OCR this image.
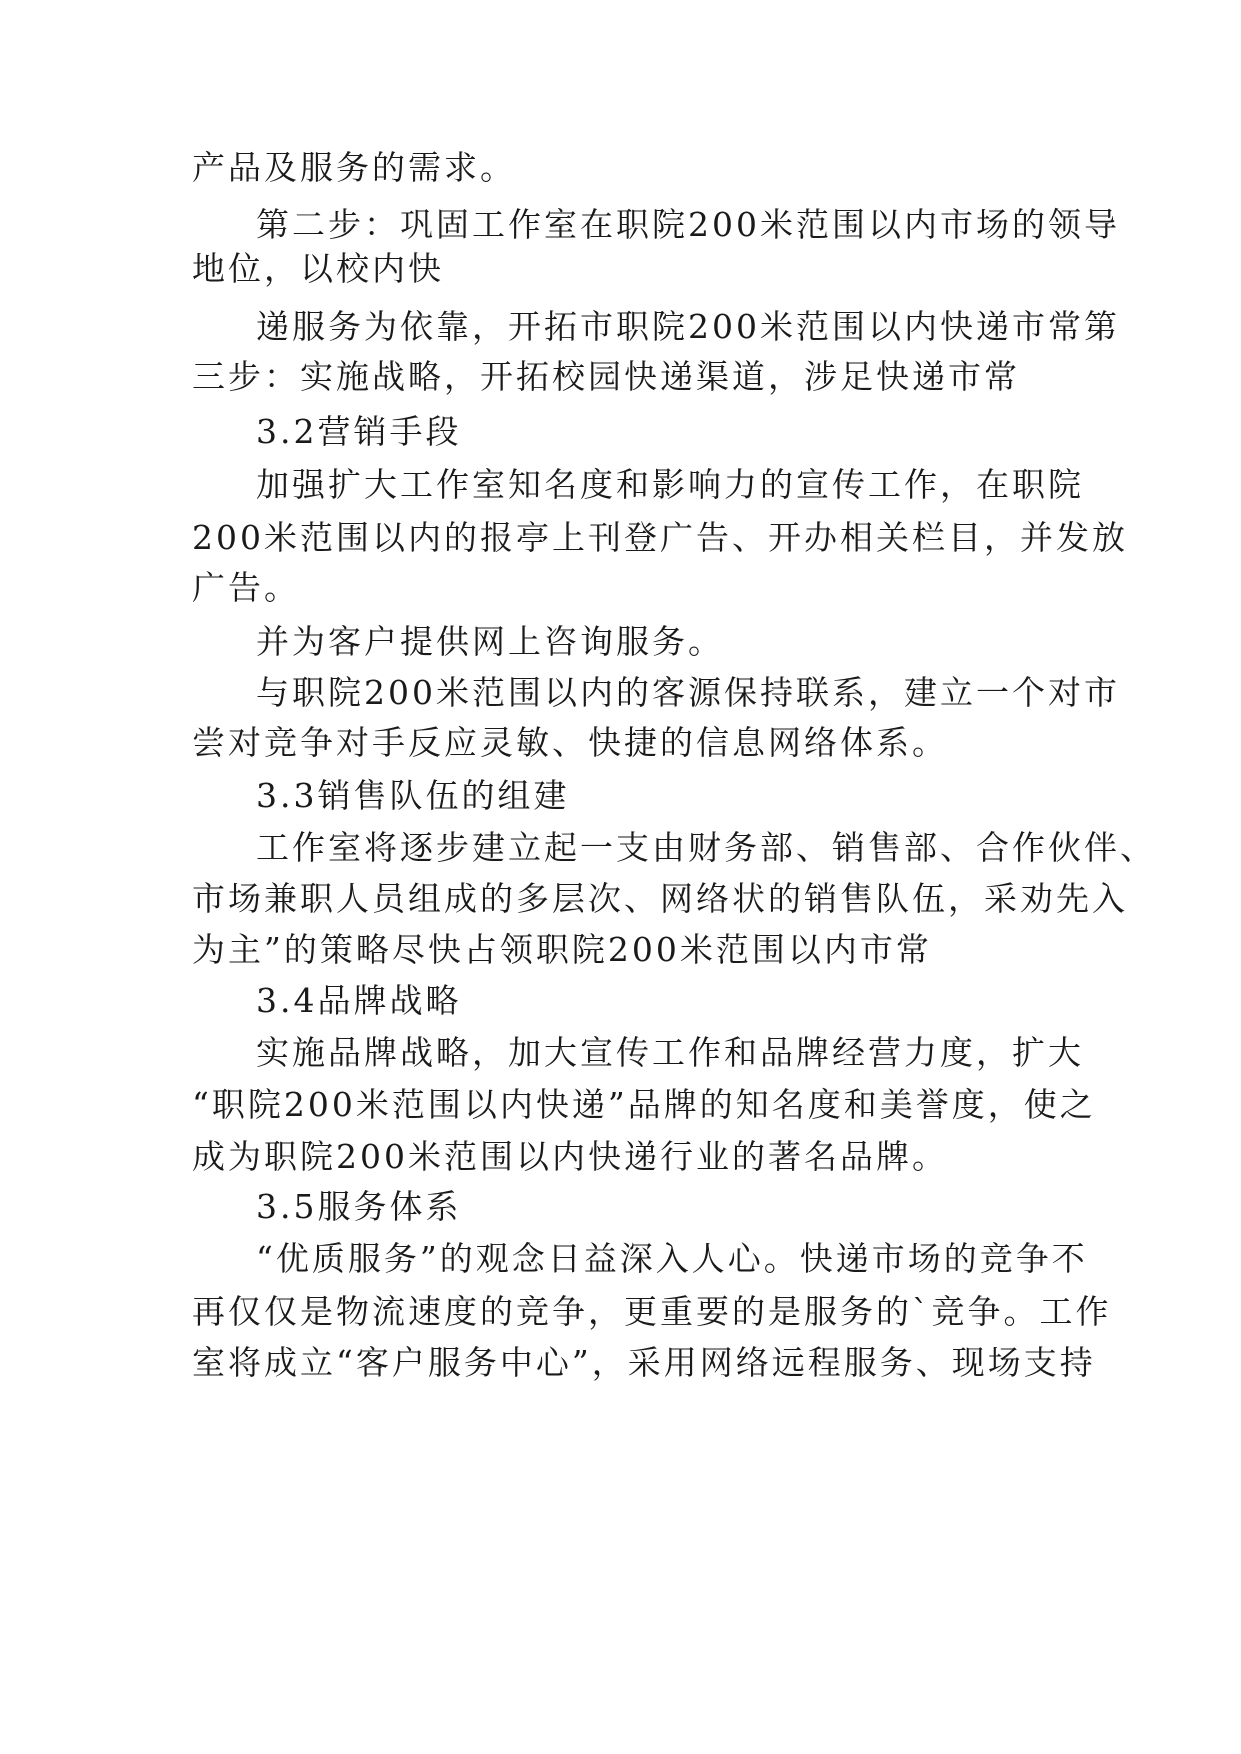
产品及服务的需求。
第二步：巩固工作室在职院200米范围以内市场的领导
地位，以校内快
递服务为依靠，开拓市职院200米范围以内快递市常第
三步：实施战略，开拓校园快递渠道，涉足快递市常
3.2营销手段
加强扩大工作室知名度和影响力的宣传工作，在职院
200米范围以内的报亭上刊登广告、开办相关栏目，并发放
广告。
并为客户提供网上咨询服务。
与职院200米范围以内的客源保持联系，建立一个对市
尝对竞争对手反应灵敏、快捷的信息网络体系。
3.3销售队伍的组建
工作室将逐步建立起一支由财务部、销售部、合作伙伴、
市场兼职人员组成的多层次、网络状的销售队伍，采劝先入
为主”的策略尽快占领职院200米范围以内市常
3.4品牌战略
实施品牌战略，加大宣传工作和品牌经营力度，扩大
“职院200米范围以内快递”品牌的知名度和美誉度，使之
成为职院200米范围以内快递行业的著名品牌。
3.5服务体系
“优质服务”的观念日益深入人心。快递市场的竞争不
再仅仅是物流速度的竞争，更重要的是服务的`竞争。工作
室将成立“客户服务中心”，采用网络远程服务、现场支持
